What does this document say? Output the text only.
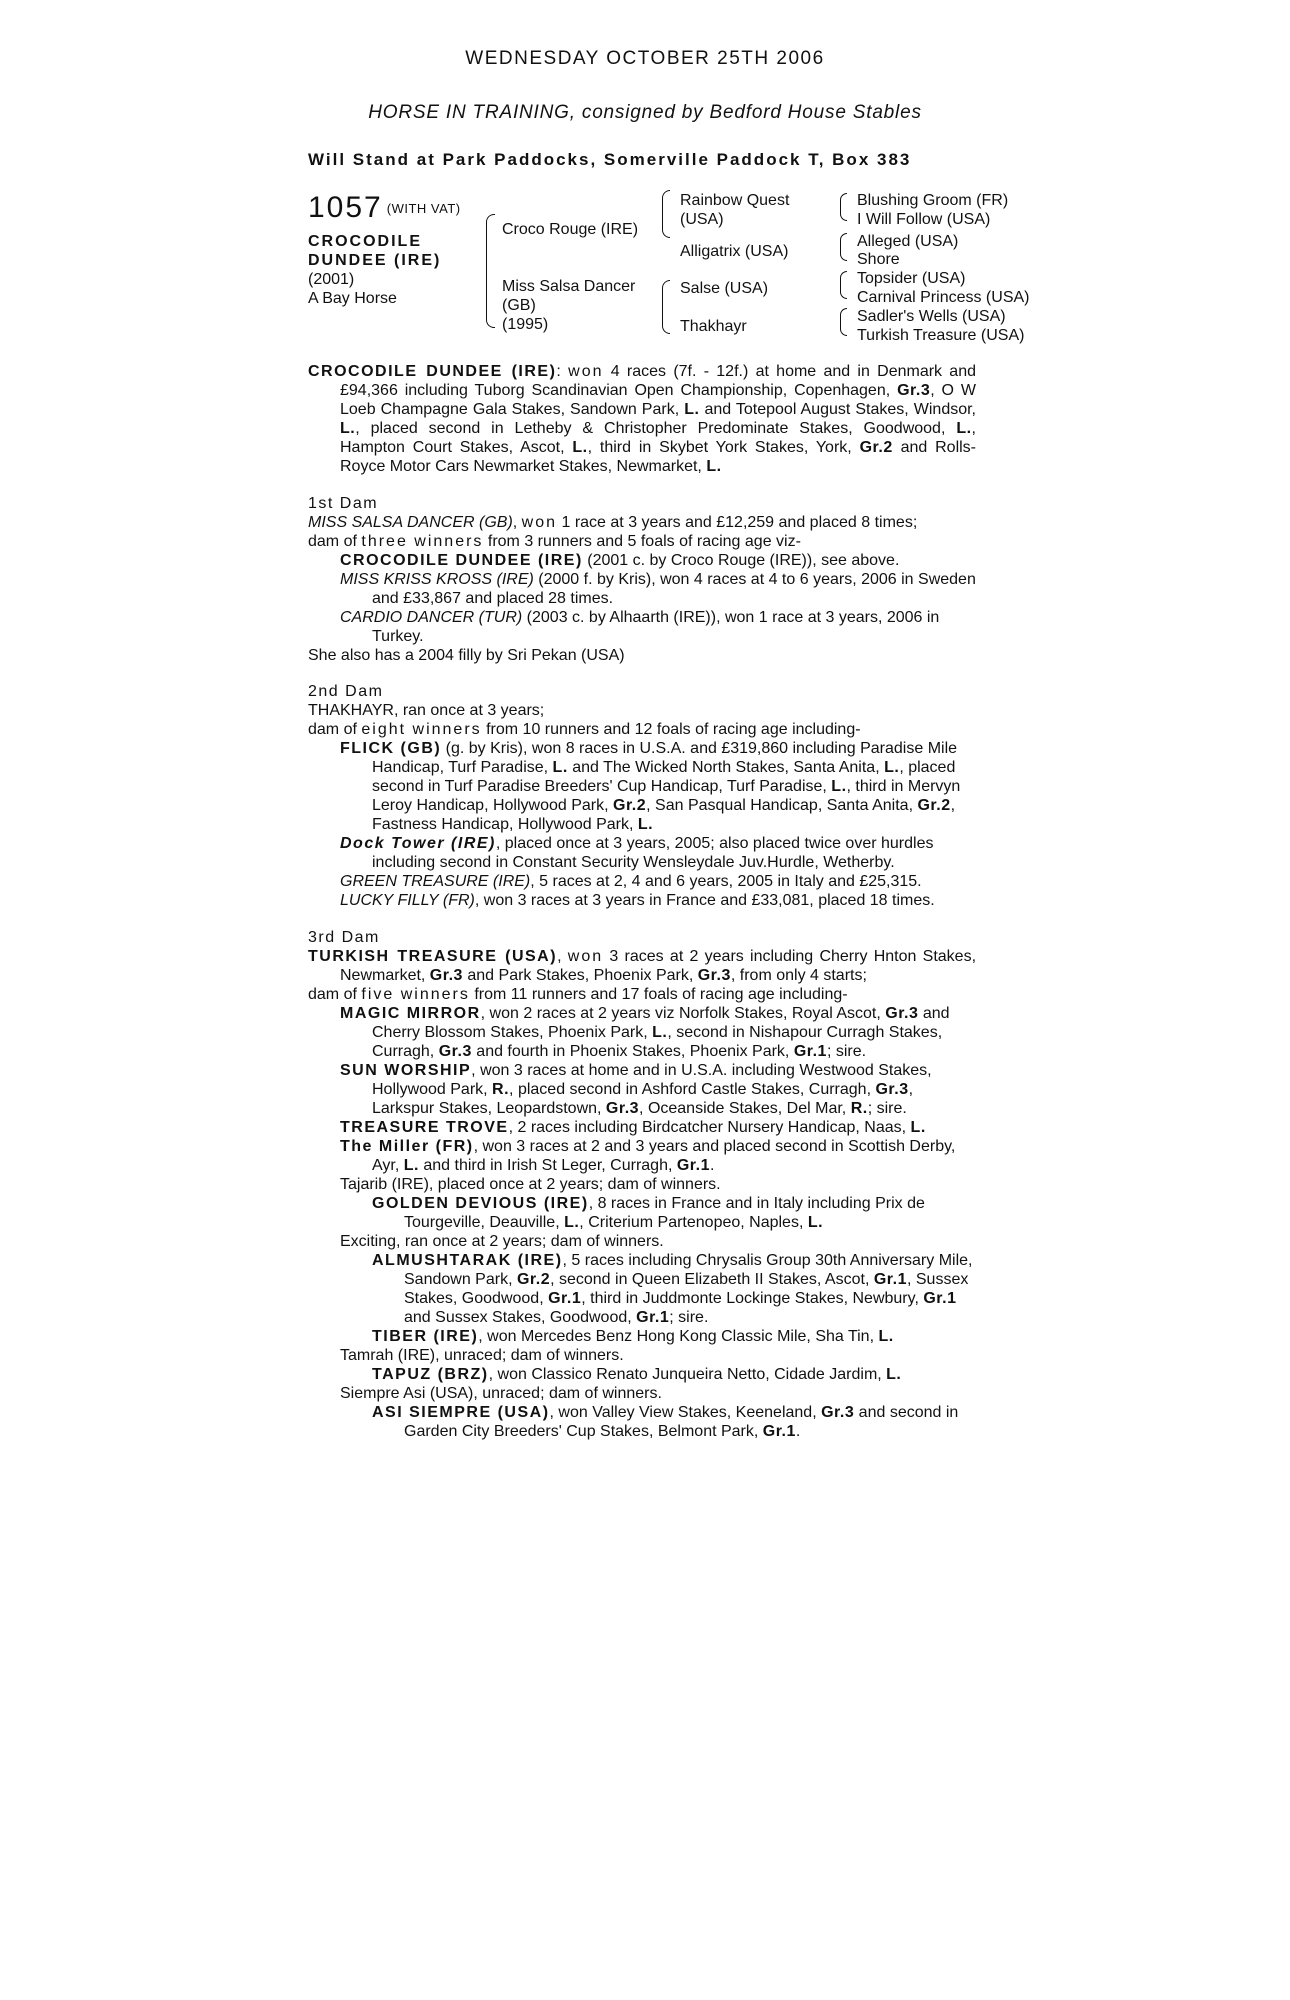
WEDNESDAY OCTOBER 25TH 2006
HORSE IN TRAINING, consigned by Bedford House Stables
Will Stand at Park Paddocks, Somerville Paddock T, Box 383
1057 (WITH VAT)
CROCODILE
DUNDEE (IRE)
(2001)
A Bay Horse
Croco Rouge (IRE)
Miss Salsa Dancer
(GB)
(1995)
Rainbow Quest
(USA)
Alligatrix (USA)
Salse (USA)
Thakhayr
Blushing Groom (FR)
I Will Follow (USA)
Alleged (USA)
Shore
Topsider (USA)
Carnival Princess (USA)
Sadler's Wells (USA)
Turkish Treasure (USA)

CROCODILE DUNDEE (IRE): won 4 races (7f. - 12f.) at home and in Denmark and £94,366 including Tuborg Scandinavian Open Championship, Copenhagen, Gr.3, O W Loeb Champagne Gala Stakes, Sandown Park, L. and Totepool August Stakes, Windsor, L., placed second in Letheby & Christopher Predominate Stakes, Goodwood, L., Hampton Court Stakes, Ascot, L., third in Skybet York Stakes, York, Gr.2 and Rolls-Royce Motor Cars Newmarket Stakes, Newmarket, L.

1st Dam

MISS SALSA DANCER (GB), won 1 race at 3 years and £12,259 and placed 8 times;

dam of three winners from 3 runners and 5 foals of racing age viz-

CROCODILE DUNDEE (IRE) (2001 c. by Croco Rouge (IRE)), see above.

MISS KRISS KROSS (IRE) (2000 f. by Kris), won 4 races at 4 to 6 years, 2006 in Sweden and £33,867 and placed 28 times.

CARDIO DANCER (TUR) (2003 c. by Alhaarth (IRE)), won 1 race at 3 years, 2006 in Turkey.

She also has a 2004 filly by Sri Pekan (USA)

2nd Dam

THAKHAYR, ran once at 3 years;

dam of eight winners from 10 runners and 12 foals of racing age including-

FLICK (GB) (g. by Kris), won 8 races in U.S.A. and £319,860 including Paradise Mile Handicap, Turf Paradise, L. and The Wicked North Stakes, Santa Anita, L., placed second in Turf Paradise Breeders' Cup Handicap, Turf Paradise, L., third in Mervyn Leroy Handicap, Hollywood Park, Gr.2, San Pasqual Handicap, Santa Anita, Gr.2, Fastness Handicap, Hollywood Park, L.

Dock Tower (IRE), placed once at 3 years, 2005; also placed twice over hurdles including second in Constant Security Wensleydale Juv.Hurdle, Wetherby.

GREEN TREASURE (IRE), 5 races at 2, 4 and 6 years, 2005 in Italy and £25,315.

LUCKY FILLY (FR), won 3 races at 3 years in France and £33,081, placed 18 times.

3rd Dam

TURKISH TREASURE (USA), won 3 races at 2 years including Cherry Hnton Stakes, Newmarket, Gr.3 and Park Stakes, Phoenix Park, Gr.3, from only 4 starts;

dam of five winners from 11 runners and 17 foals of racing age including-

MAGIC MIRROR, won 2 races at 2 years viz Norfolk Stakes, Royal Ascot, Gr.3 and Cherry Blossom Stakes, Phoenix Park, L., second in Nishapour Curragh Stakes, Curragh, Gr.3 and fourth in Phoenix Stakes, Phoenix Park, Gr.1; sire.

SUN WORSHIP, won 3 races at home and in U.S.A. including Westwood Stakes, Hollywood Park, R., placed second in Ashford Castle Stakes, Curragh, Gr.3, Larkspur Stakes, Leopardstown, Gr.3, Oceanside Stakes, Del Mar, R.; sire.

TREASURE TROVE, 2 races including Birdcatcher Nursery Handicap, Naas, L.

The Miller (FR), won 3 races at 2 and 3 years and placed second in Scottish Derby, Ayr, L. and third in Irish St Leger, Curragh, Gr.1.

Tajarib (IRE), placed once at 2 years; dam of winners.

GOLDEN DEVIOUS (IRE), 8 races in France and in Italy including Prix de Tourgeville, Deauville, L., Criterium Partenopeo, Naples, L.

Exciting, ran once at 2 years; dam of winners.

ALMUSHTARAK (IRE), 5 races including Chrysalis Group 30th Anniversary Mile, Sandown Park, Gr.2, second in Queen Elizabeth II Stakes, Ascot, Gr.1, Sussex Stakes, Goodwood, Gr.1, third in Juddmonte Lockinge Stakes, Newbury, Gr.1 and Sussex Stakes, Goodwood, Gr.1; sire.

TIBER (IRE), won Mercedes Benz Hong Kong Classic Mile, Sha Tin, L.

Tamrah (IRE), unraced; dam of winners.

TAPUZ (BRZ), won Classico Renato Junqueira Netto, Cidade Jardim, L.

Siempre Asi (USA), unraced; dam of winners.

ASI SIEMPRE (USA), won Valley View Stakes, Keeneland, Gr.3 and second in Garden City Breeders' Cup Stakes, Belmont Park, Gr.1.
